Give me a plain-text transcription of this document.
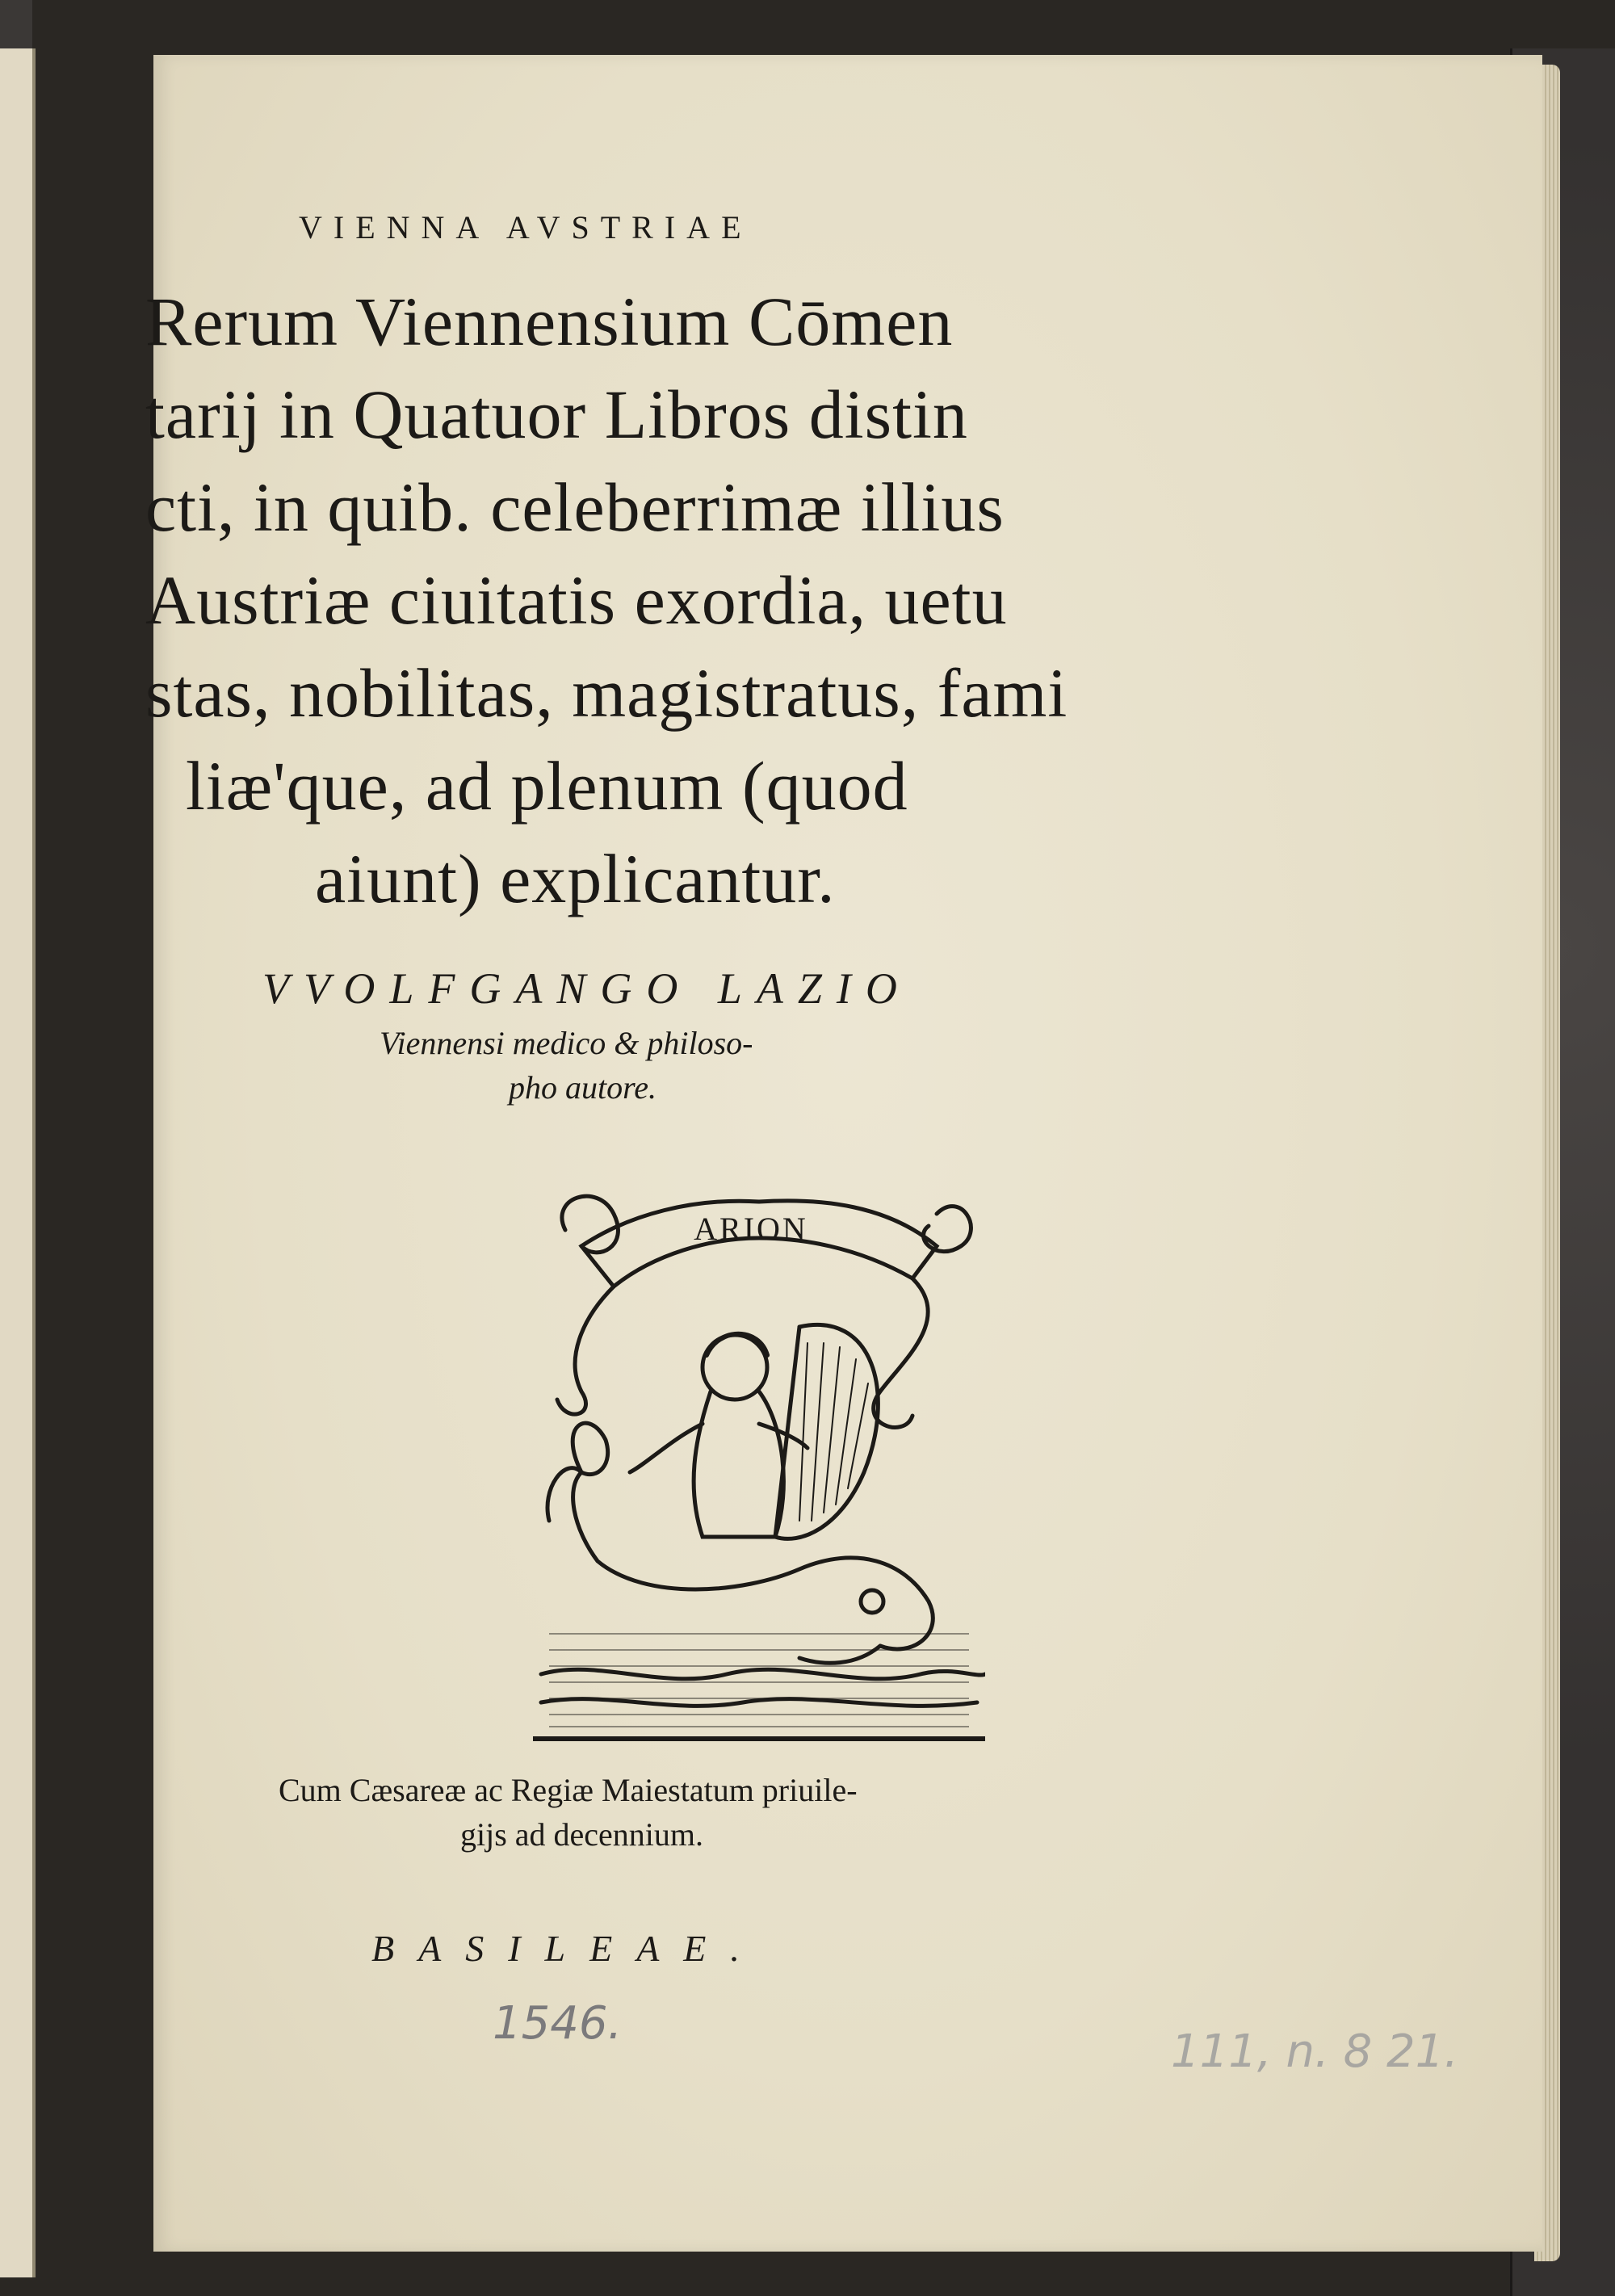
VIENNA AVSTRIAE
Rerum Viennensium Cōmen
tarij in Quatuor Libros distin
cti, in quib. celeberrimæ illius
Austriæ ciuitatis exordia, uetu
stas, nobilitas, magistratus, fami
liæ'que, ad plenum (quod
aiunt) explicantur.
VVOLFGANGO LAZIO
Viennensi medico & philoso-
pho autore.
ARION
Cum Cæsareæ ac Regiæ Maiestatum priuile-
gijs ad decennium.
BASILEAE.
1546.
111, n. 8 21.
